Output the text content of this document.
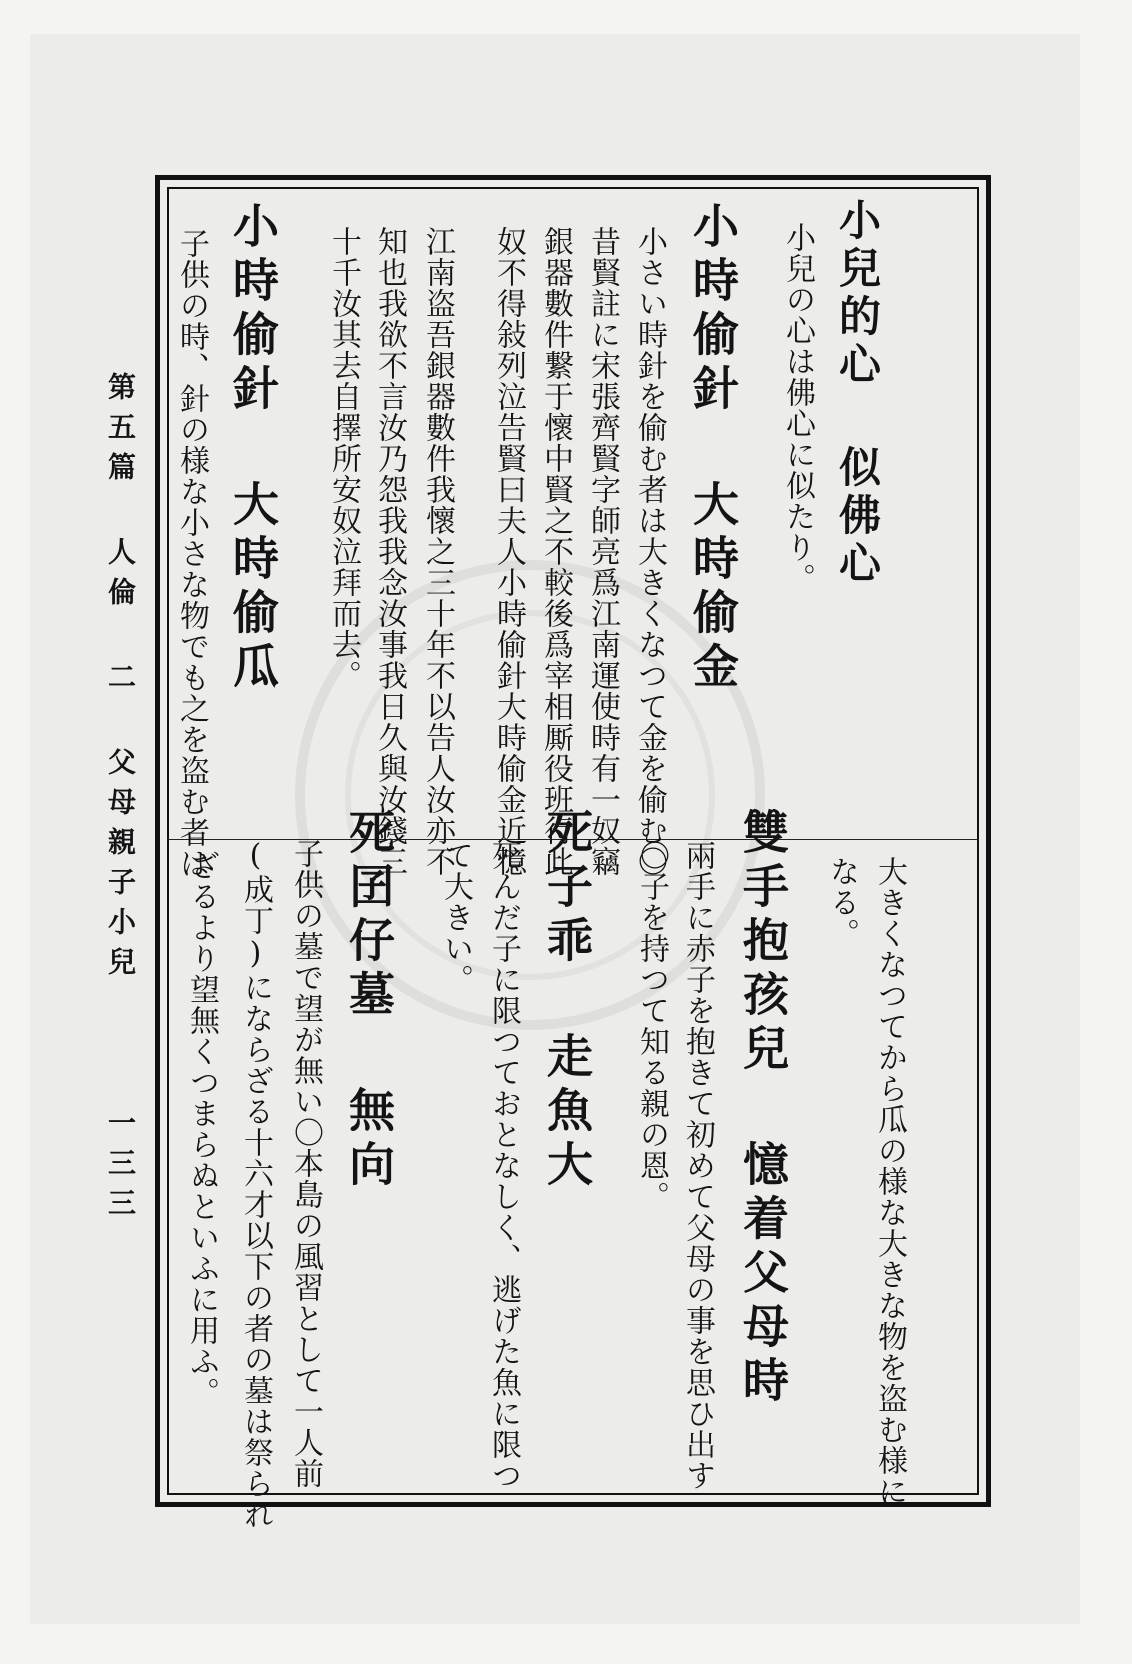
第五篇 人倫 二 父母親子小兒
一三三
小兒的心 似佛心
小兒の心は佛心に似たり。
小時偷針 大時偷金
小さい時針を偷む者は大きくなつて金を偷む〇
昔賢註に宋張齊賢字師亮爲江南運使時有一奴竊
銀器數件繋于懷中賢之不較後爲宰相厮役班行此
奴不得敍列泣告賢曰夫人小時偷針大時偷金近憶
江南盗吾銀器數件我懷之三十年不以告人汝亦不
知也我欲不言汝乃怨我我念汝事我日久與汝錢三
十千汝其去自擇所安奴泣拜而去。
小時偷針 大時偷瓜
子供の時、針の様な小さな物でも之を盗む者は
大きくなつてから瓜の様な大きな物を盗む様に
なる。
雙手抱孩兒 憶着父母時
兩手に赤子を抱きて初めて父母の事を思ひ出す
〇子を持つて知る親の恩。
死子乖 走魚大
死んだ子に限つておとなしく、逃げた魚に限つ
て大きい。
死囝仔墓 無向
子供の墓で望が無い〇本島の風習として一人前
(成丁)にならざる十六才以下の者の墓は祭られ
ざるより望無くつまらぬといふに用ふ。
